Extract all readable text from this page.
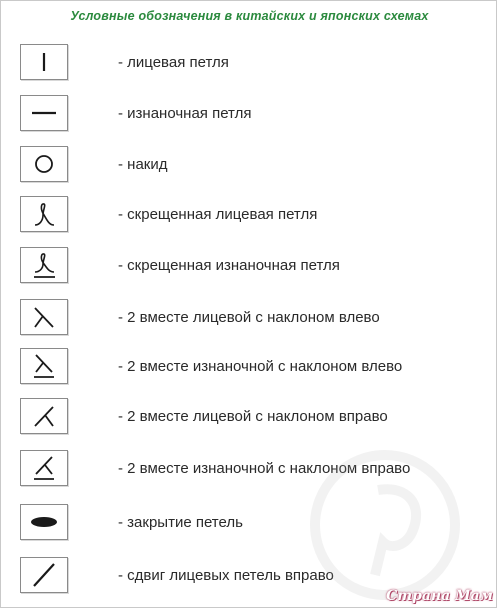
Условные обозначения в китайских и японских схемах
- лицевая петля
- изнаночная петля
- накид
- скрещенная лицевая петля
- скрещенная изнаночная петля
- 2 вместе лицевой с наклоном влево
- 2 вместе изнаночной с наклоном влево
- 2 вместе лицевой с наклоном вправо
- 2 вместе изнаночной с наклоном вправо
- закрытие петель
- сдвиг лицевых петель вправо
Страна Мам
